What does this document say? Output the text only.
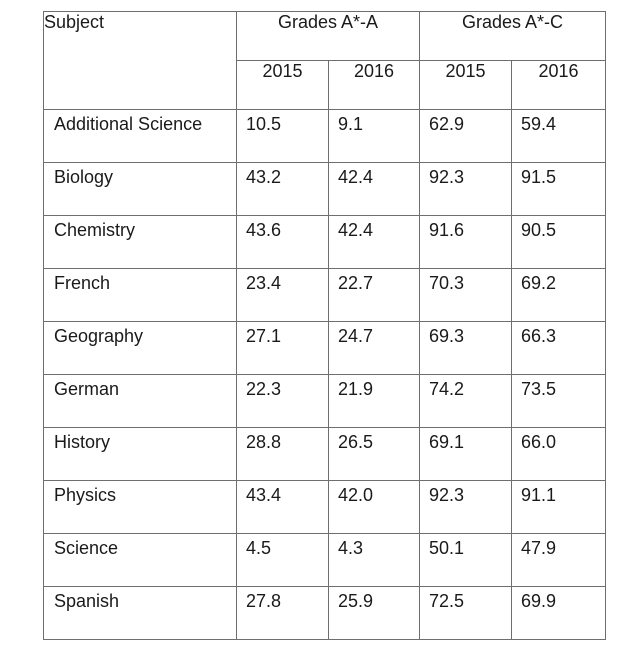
Subject	Grades A*-A		Grades A*-C	
	2015	2016	2015	2016
Additional Science	10.5	9.1	62.9	59.4
Biology	43.2	42.4	92.3	91.5
Chemistry	43.6	42.4	91.6	90.5
French	23.4	22.7	70.3	69.2
Geography	27.1	24.7	69.3	66.3
German	22.3	21.9	74.2	73.5
History	28.8	26.5	69.1	66.0
Physics	43.4	42.0	92.3	91.1
Science	4.5	4.3	50.1	47.9
Spanish	27.8	25.9	72.5	69.9
